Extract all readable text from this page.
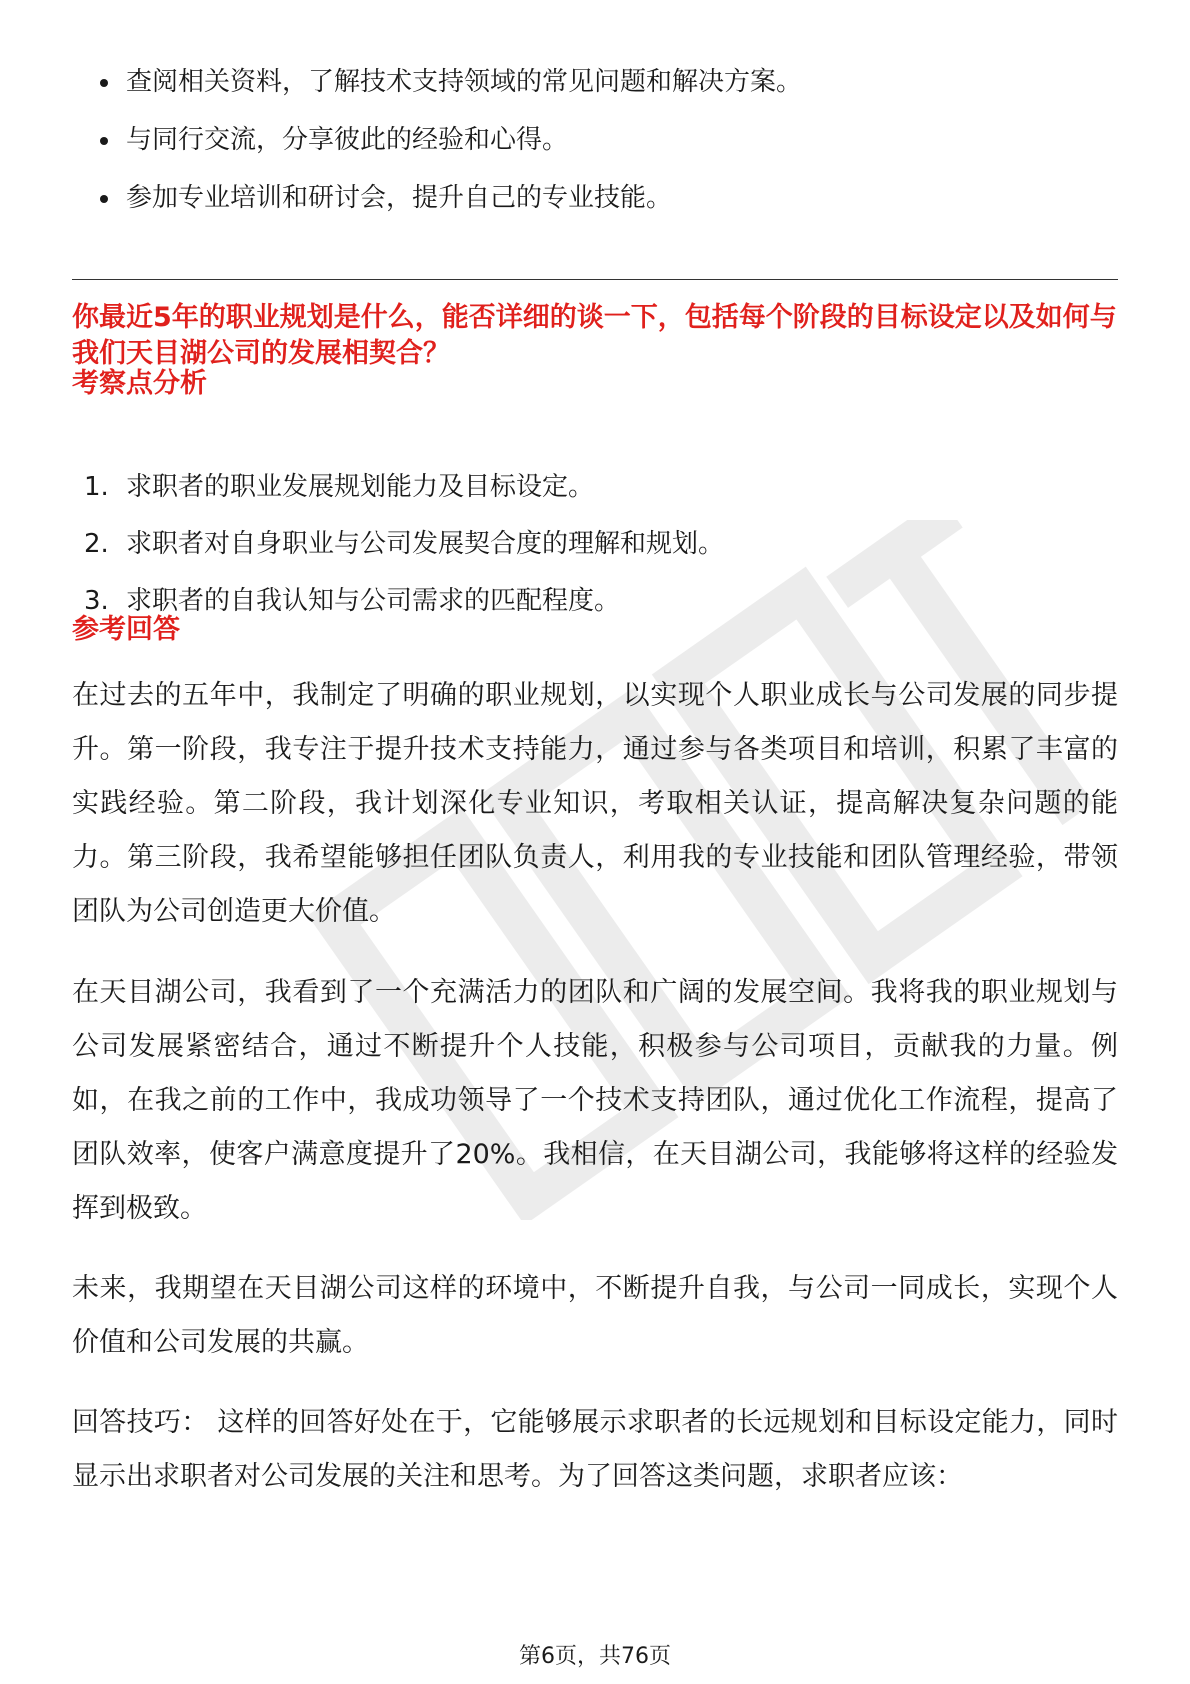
查阅相关资料，了解技术支持领域的常见问题和解决方案。
与同行交流，分享彼此的经验和心得。
参加专业培训和研讨会，提升自己的专业技能。
你最近5年的职业规划是什么，能否详细的谈一下，包括每个阶段的目标设定以及如何与我们天目湖公司的发展相契合？
考察点分析
1. 求职者的职业发展规划能力及目标设定。
2. 求职者对自身职业与公司发展契合度的理解和规划。
3. 求职者的自我认知与公司需求的匹配程度。
参考回答

在过去的五年中，我制定了明确的职业规划，以实现个人职业成长与公司发展的同步提升。第一阶段，我专注于提升技术支持能力，通过参与各类项目和培训，积累了丰富的实践经验。第二阶段，我计划深化专业知识，考取相关认证，提高解决复杂问题的能力。第三阶段，我希望能够担任团队负责人，利用我的专业技能和团队管理经验，带领团队为公司创造更大价值。

在天目湖公司，我看到了一个充满活力的团队和广阔的发展空间。我将我的职业规划与公司发展紧密结合，通过不断提升个人技能，积极参与公司项目，贡献我的力量。例如，在我之前的工作中，我成功领导了一个技术支持团队，通过优化工作流程，提高了团队效率，使客户满意度提升了20%。我相信，在天目湖公司，我能够将这样的经验发挥到极致。

未来，我期望在天目湖公司这样的环境中，不断提升自我，与公司一同成长，实现个人价值和公司发展的共赢。

回答技巧： 这样的回答好处在于，它能够展示求职者的长远规划和目标设定能力，同时显示出求职者对公司发展的关注和思考。为了回答这类问题，求职者应该：

第6页，共76页
